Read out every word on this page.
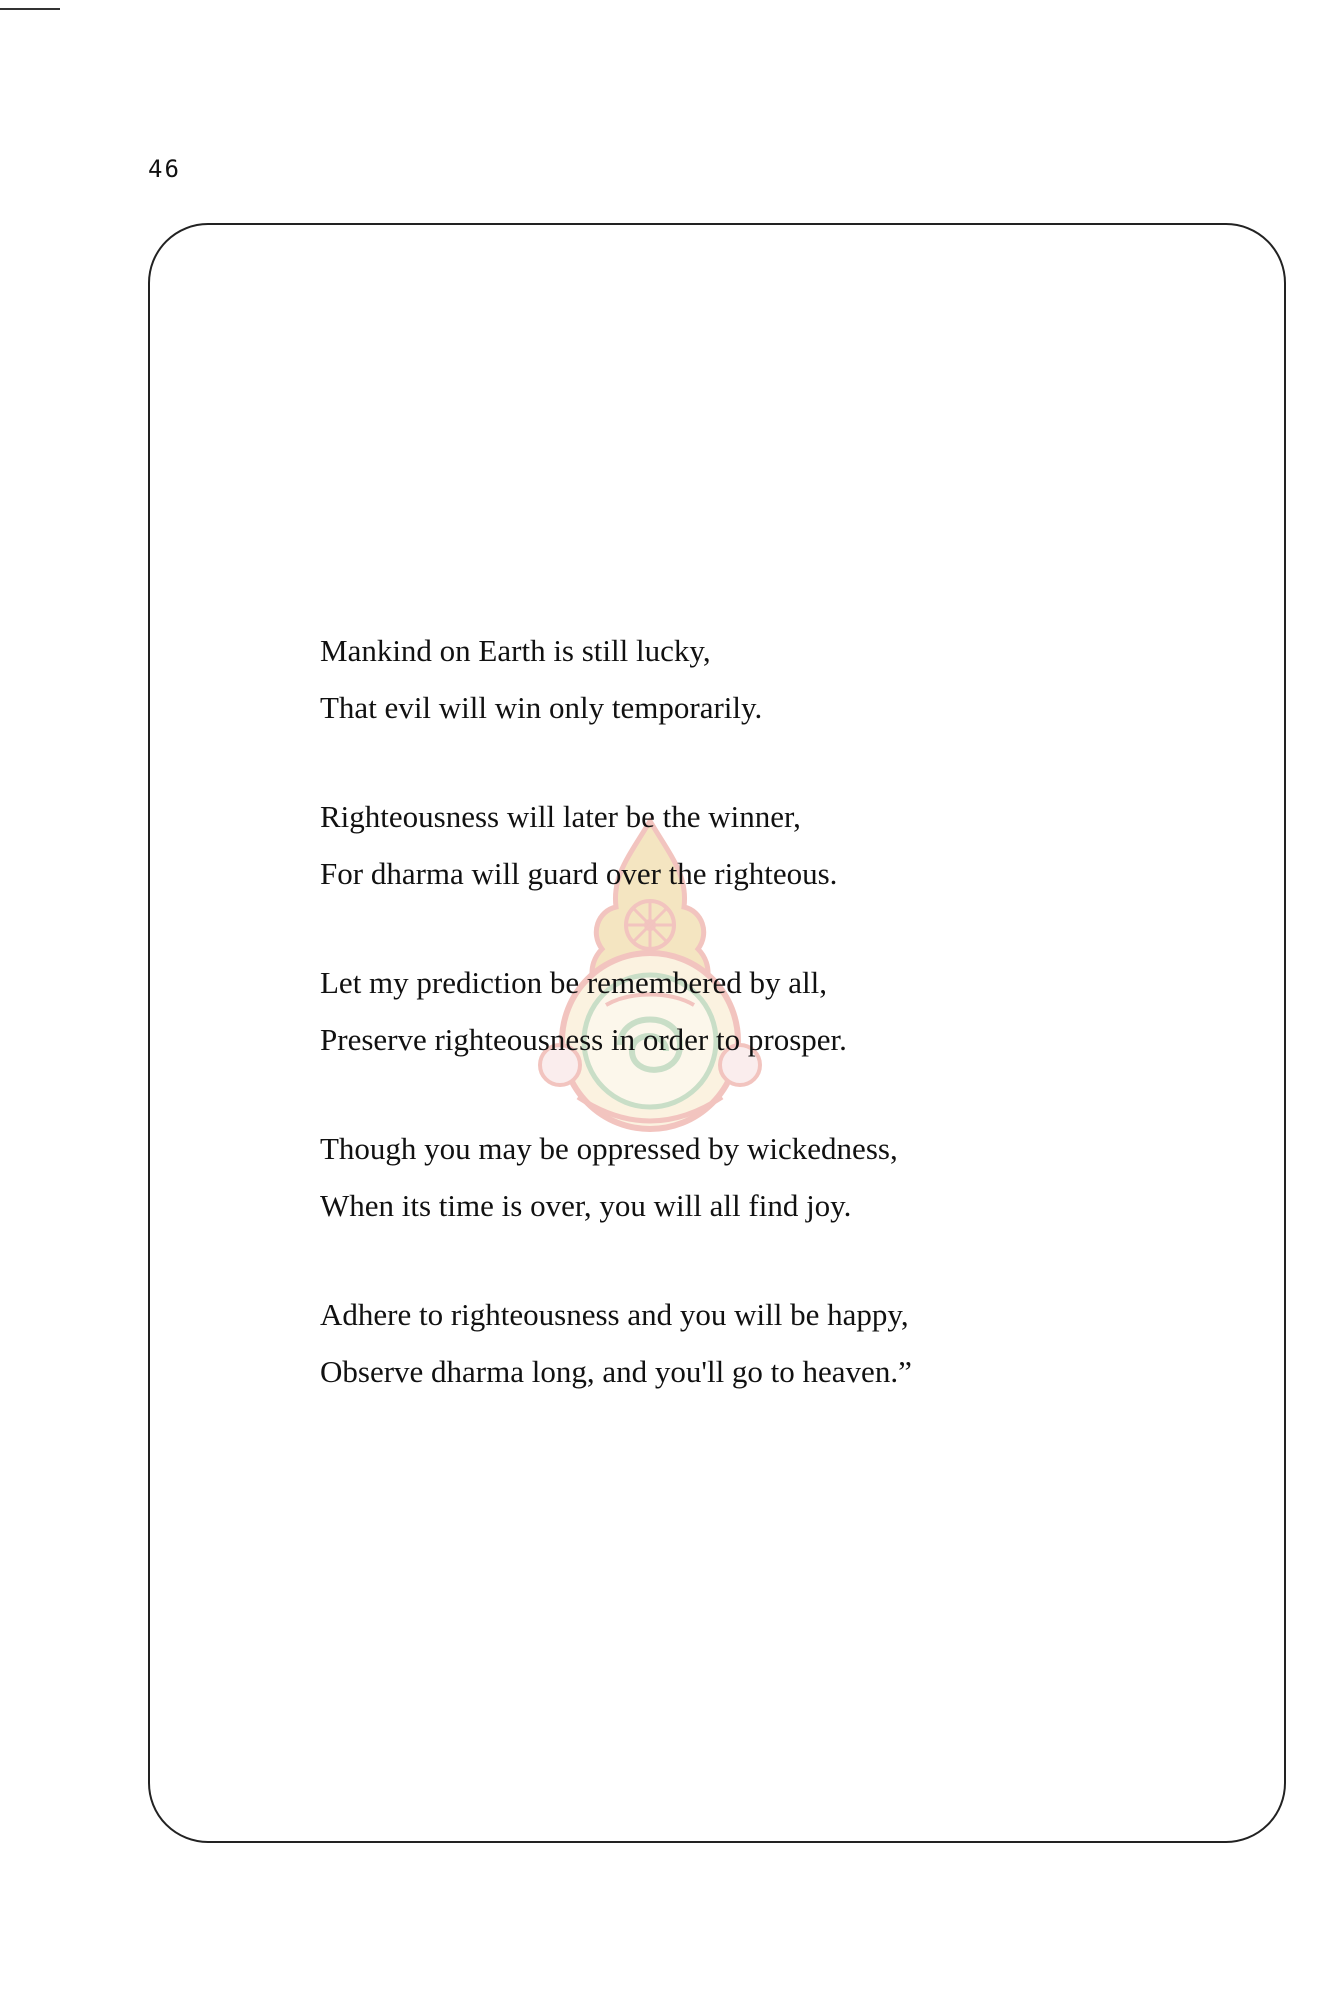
46
Mankind on Earth is still lucky,
That evil will win only temporarily.
Righteousness will later be the winner,
For dharma will guard over the righteous.
Let my prediction be remembered by all,
Preserve righteousness in order to prosper.
Though you may be oppressed by wickedness,
When its time is over, you will all find joy.
Adhere to righteousness and you will be happy,
Observe dharma long, and you'll go to heaven.”
